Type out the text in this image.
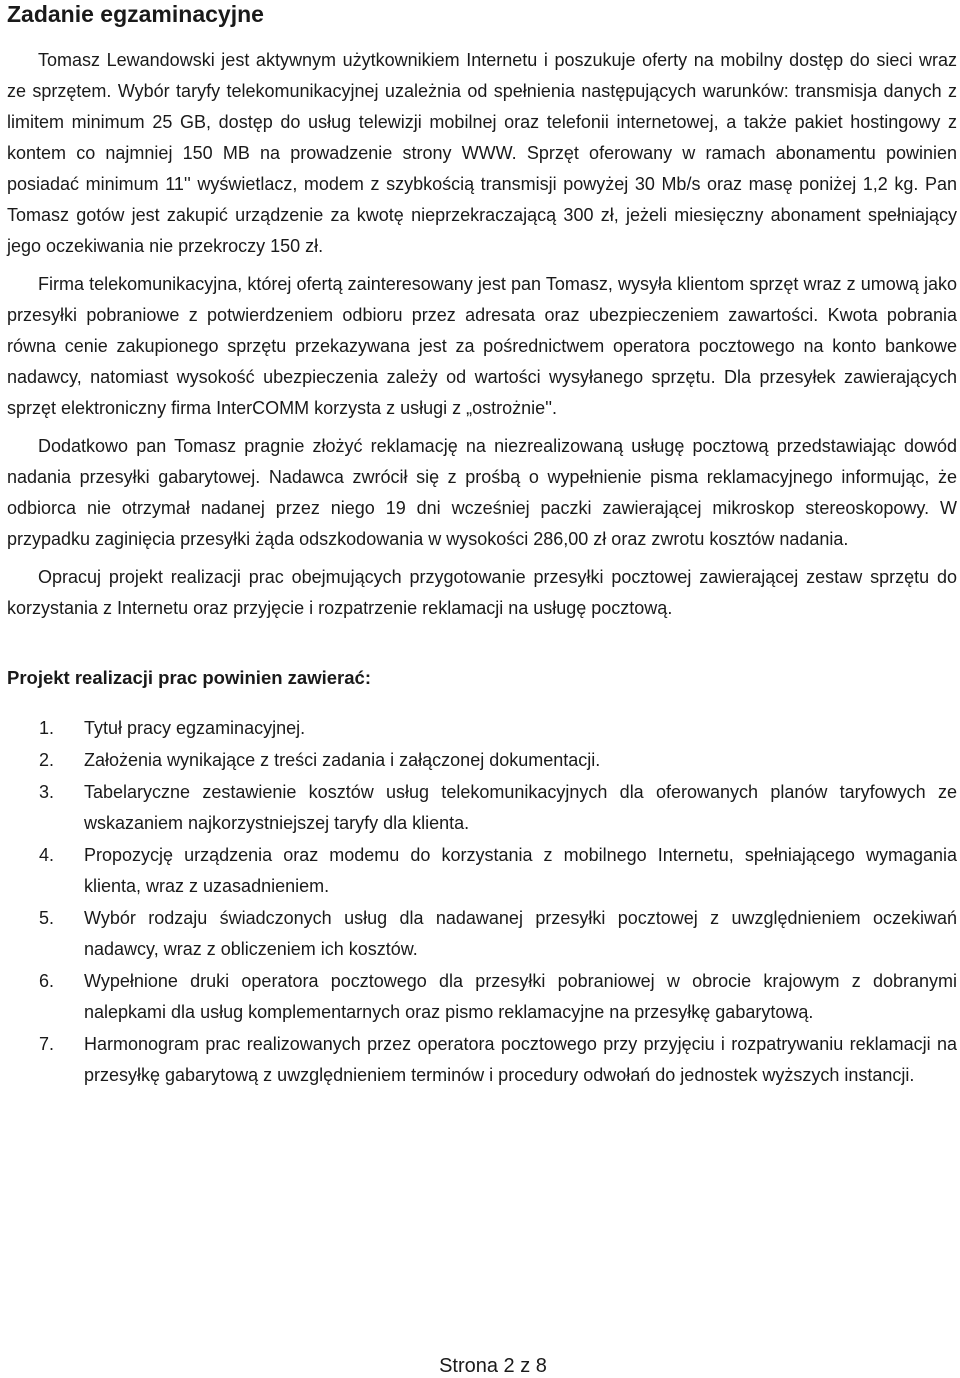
Zadanie egzaminacyjne

Tomasz Lewandowski jest aktywnym użytkownikiem Internetu i poszukuje oferty na mobilny dostęp do sieci wraz ze sprzętem. Wybór taryfy telekomunikacyjnej uzależnia od spełnienia następujących warunków: transmisja danych z limitem minimum 25 GB, dostęp do usług telewizji mobilnej oraz telefonii internetowej, a także pakiet hostingowy z kontem co najmniej 150 MB na prowadzenie strony WWW. Sprzęt oferowany w ramach abonamentu powinien posiadać minimum 11'' wyświetlacz, modem z szybkością transmisji powyżej 30 Mb/s oraz masę poniżej 1,2 kg. Pan Tomasz gotów jest zakupić urządzenie za kwotę nieprzekraczającą 300 zł, jeżeli miesięczny abonament spełniający jego oczekiwania nie przekroczy 150 zł.

Firma telekomunikacyjna, której ofertą zainteresowany jest pan Tomasz, wysyła klientom sprzęt wraz z umową jako przesyłki pobraniowe z potwierdzeniem odbioru przez adresata oraz ubezpieczeniem zawartości. Kwota pobrania równa cenie zakupionego sprzętu przekazywana jest za pośrednictwem operatora pocztowego na konto bankowe nadawcy, natomiast wysokość ubezpieczenia zależy od wartości wysyłanego sprzętu. Dla przesyłek zawierających sprzęt elektroniczny firma InterCOMM korzysta z usługi z „ostrożnie''.

Dodatkowo pan Tomasz pragnie złożyć reklamację na niezrealizowaną usługę pocztową przedstawiając dowód nadania przesyłki gabarytowej. Nadawca zwrócił się z prośbą o wypełnienie pisma reklamacyjnego informując, że odbiorca nie otrzymał nadanej przez niego 19 dni wcześniej paczki zawierającej mikroskop stereoskopowy. W przypadku zaginięcia przesyłki żąda odszkodowania w wysokości 286,00 zł oraz zwrotu kosztów nadania.

Opracuj projekt realizacji prac obejmujących przygotowanie przesyłki pocztowej zawierającej zestaw sprzętu do korzystania z Internetu oraz przyjęcie i rozpatrzenie reklamacji na usługę pocztową.

Projekt realizacji prac powinien zawierać:
1. Tytuł pracy egzaminacyjnej.
2. Założenia wynikające z treści zadania i załączonej dokumentacji.
3. Tabelaryczne zestawienie kosztów usług telekomunikacyjnych dla oferowanych planów taryfowych ze wskazaniem najkorzystniejszej taryfy dla klienta.
4. Propozycję urządzenia oraz modemu do korzystania z mobilnego Internetu, spełniającego wymagania klienta, wraz z uzasadnieniem.
5. Wybór rodzaju świadczonych usług dla nadawanej przesyłki pocztowej z uwzględnieniem oczekiwań nadawcy, wraz z obliczeniem ich kosztów.
6. Wypełnione druki operatora pocztowego dla przesyłki pobraniowej w obrocie krajowym z dobranymi nalepkami dla usług komplementarnych oraz pismo reklamacyjne na przesyłkę gabarytową.
7. Harmonogram prac realizowanych przez operatora pocztowego przy przyjęciu i rozpatrywaniu reklamacji na przesyłkę gabarytową z uwzględnieniem terminów i procedury odwołań do jednostek wyższych instancji.
Strona 2 z 8
